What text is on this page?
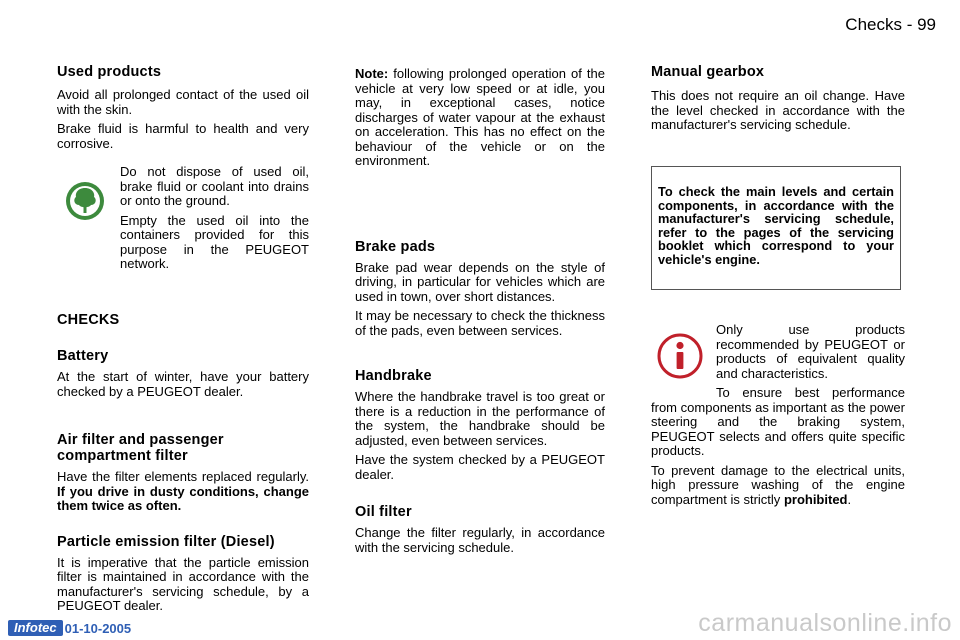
Checks - 99
Used products

Avoid all prolonged contact of the used oil with the skin.

Brake fluid is harmful to health and very corrosive.

Do not dispose of used oil, brake fluid or coolant into drains or onto the ground.

Empty the used oil into the containers provided for this purpose in the PEUGEOT network.

CHECKS
Battery

At the start of winter, have your battery checked by a PEUGEOT dealer.

Air filter and passenger compartment filter

Have the filter elements replaced regularly. If you drive in dusty conditions, change them twice as often.

Particle emission filter (Diesel)

It is imperative that the particle emission filter is maintained in accordance with the manufacturer's servicing schedule, by a PEUGEOT dealer.

Note: following prolonged operation of the vehicle at very low speed or at idle, you may, in exceptional cases, notice discharges of water vapour at the exhaust on acceleration. This has no effect on the behaviour of the vehicle or on the environment.

Brake pads

Brake pad wear depends on the style of driving, in particular for vehicles which are used in town, over short distances.

It may be necessary to check the thickness of the pads, even between services.

Handbrake

Where the handbrake travel is too great or there is a reduction in the performance of the system, the handbrake should be adjusted, even between services.

Have the system checked by a PEUGEOT dealer.

Oil filter

Change the filter regularly, in accordance with the servicing schedule.

Manual gearbox

This does not require an oil change. Have the level checked in accordance with the manufacturer's servicing schedule.

To check the main levels and certain components, in accordance with the manufacturer's servicing schedule, refer to the pages of the servicing booklet which correspond to your vehicle's engine.

Only use products recommended by PEUGEOT or products of equivalent quality and characteristics.

To ensure best performance from components as important as the power steering and the braking system, PEUGEOT selects and offers quite specific products.

To prevent damage to the electrical units, high pressure washing of the engine compartment is strictly prohibited.

Infotec 01-10-2005	carmanualsonline.info
